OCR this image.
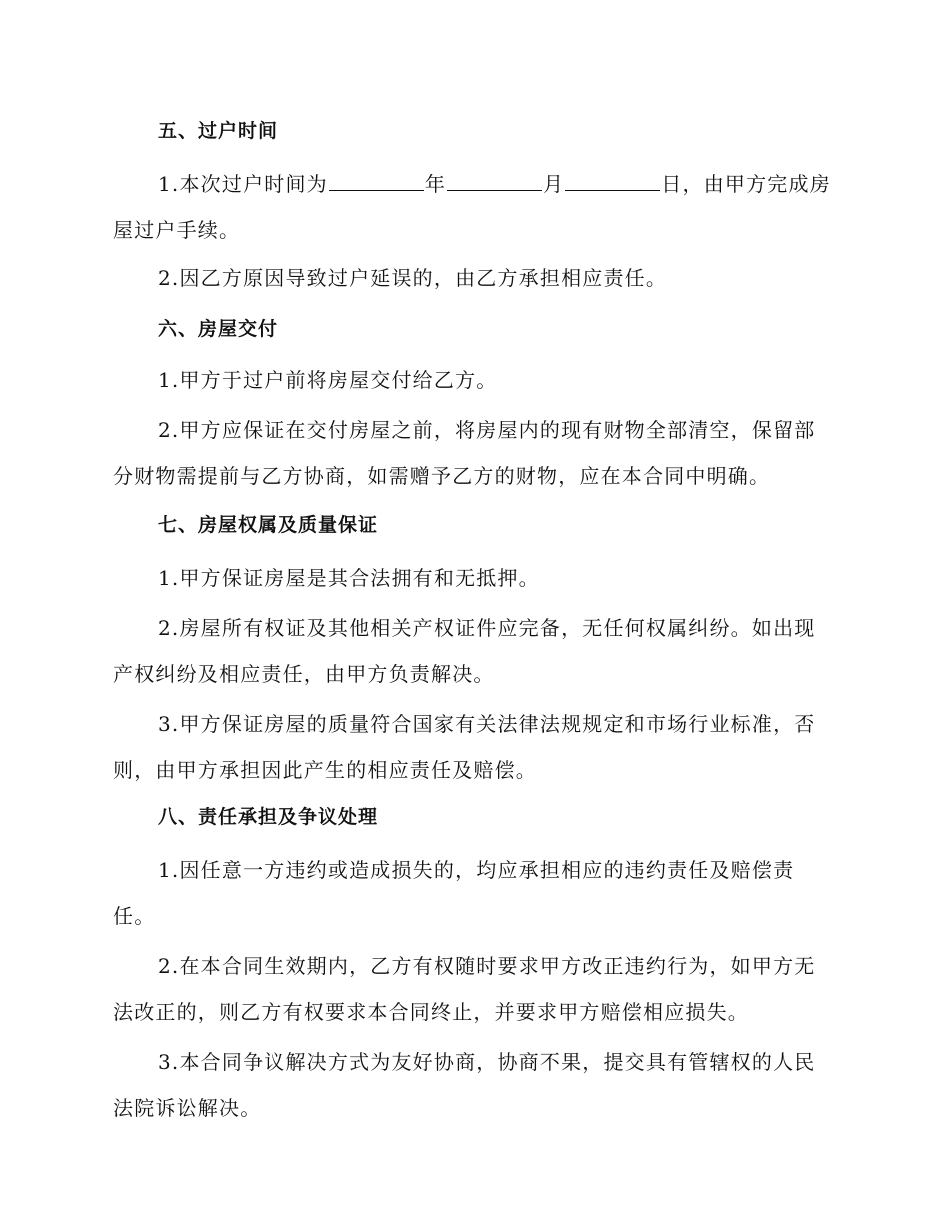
五、过户时间
1.本次过户时间为	年	月	日，由甲方完成房
屋过户手续。
2.因乙方原因导致过户延误的，由乙方承担相应责任。
六、房屋交付
1.甲方于过户前将房屋交付给乙方。
2.甲方应保证在交付房屋之前，将房屋内的现有财物全部清空，保留部
分财物需提前与乙方协商，如需赠予乙方的财物，应在本合同中明确。
七、房屋权属及质量保证
1.甲方保证房屋是其合法拥有和无抵押。
2.房屋所有权证及其他相关产权证件应完备，无任何权属纠纷。如出现
产权纠纷及相应责任，由甲方负责解决。
3.甲方保证房屋的质量符合国家有关法律法规规定和市场行业标准，否
则，由甲方承担因此产生的相应责任及赔偿。
八、责任承担及争议处理
1.因任意一方违约或造成损失的，均应承担相应的违约责任及赔偿责
任。
2.在本合同生效期内，乙方有权随时要求甲方改正违约行为，如甲方无
法改正的，则乙方有权要求本合同终止，并要求甲方赔偿相应损失。
3.本合同争议解决方式为友好协商，协商不果，提交具有管辖权的人民
法院诉讼解决。
